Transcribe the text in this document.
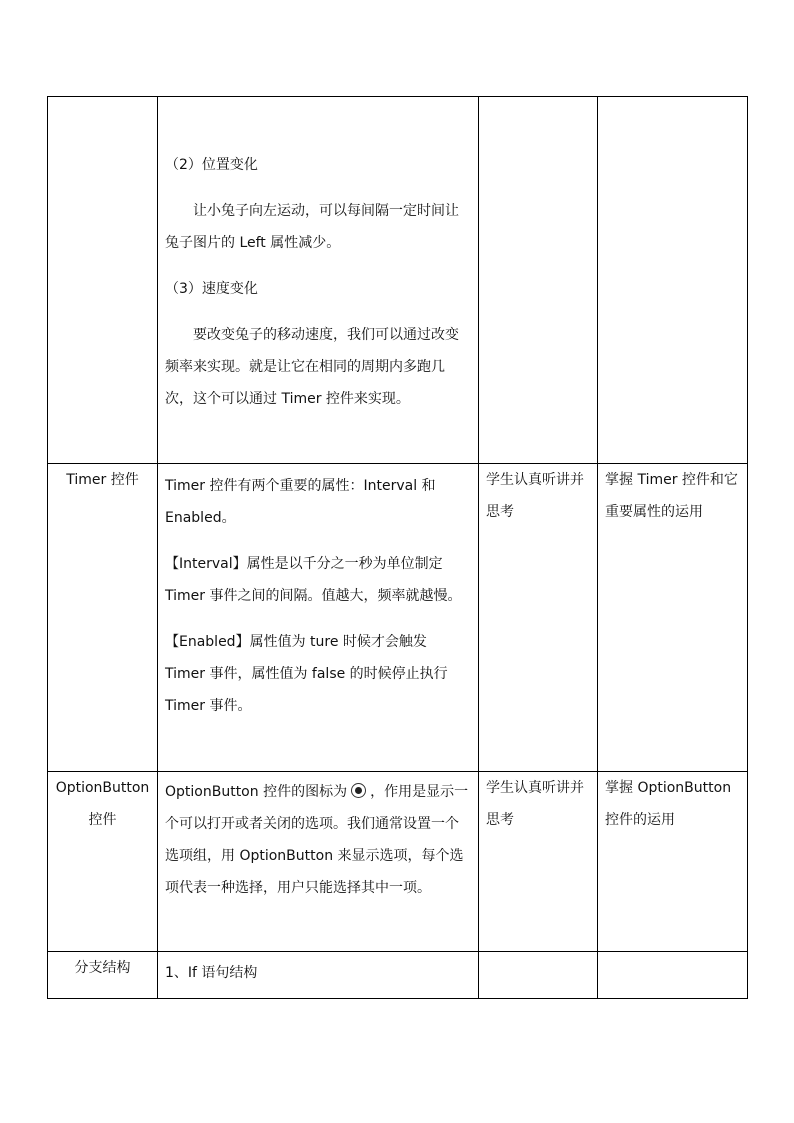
	（2）位置变化

让小兔子向左运动，可以每间隔一定时间让兔子图片的 Left 属性减少。

（3）速度变化

要改变兔子的移动速度，我们可以通过改变频率来实现。就是让它在相同的周期内多跑几次，这个可以通过 Timer 控件来实现。		

Timer 控件	Timer 控件有两个重要的属性：Interval 和 Enabled。

【Interval】属性是以千分之一秒为单位制定 Timer 事件之间的间隔。值越大，频率就越慢。

【Enabled】属性值为 ture 时候才会触发 Timer 事件，属性值为 false 的时候停止执行 Timer 事件。	学生认真听讲并思考	掌握 Timer 控件和它重要属性的运用
OptionButton 控件	OptionButton 控件的图标为 ，作用是显示一个可以打开或者关闭的选项。我们通常设置一个选项组，用 OptionButton 来显示选项，每个选项代表一种选择，用户只能选择其中一项。	学生认真听讲并思考	掌握 OptionButton 控件的运用
分支结构	1、If 语句结构		
